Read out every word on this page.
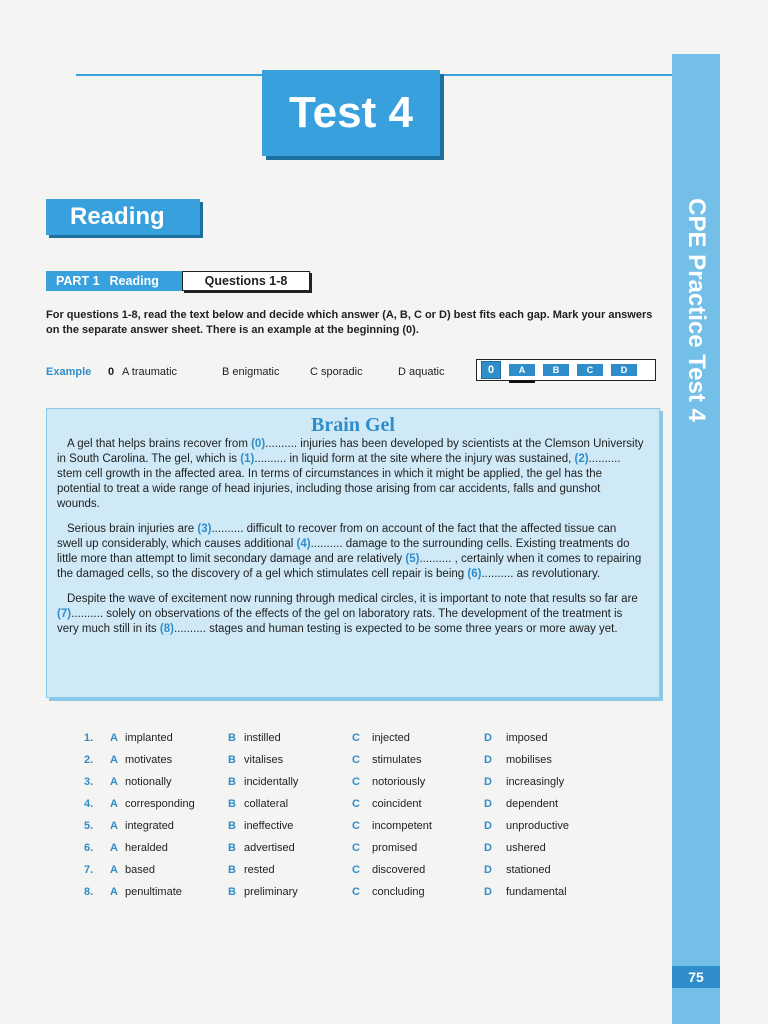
Test 4
CPE Practice Test 4
75
Reading
PART 1 Reading	Questions 1-8
For questions 1-8, read the text below and decide which answer (A, B, C or D) best fits each gap. Mark your answers on the separate answer sheet. There is an example at the beginning (0).
Example	0 A traumatic	B enigmatic	C sporadic	D aquatic	0	A	B	C	D
Brain Gel

A gel that helps brains recover from (0).......... injuries has been developed by scientists at the Clemson University in South Carolina. The gel, which is (1).......... in liquid form at the site where the injury was sustained, (2).......... stem cell growth in the affected area. In terms of circumstances in which it might be applied, the gel has the potential to treat a wide range of head injuries, including those arising from car accidents, falls and gunshot wounds.

Serious brain injuries are (3).......... difficult to recover from on account of the fact that the affected tissue can swell up considerably, which causes additional (4).......... damage to the surrounding cells. Existing treatments do little more than attempt to limit secondary damage and are relatively (5).......... , certainly when it comes to repairing the damaged cells, so the discovery of a gel which stimulates cell repair is being (6).......... as revolutionary.

Despite the wave of excitement now running through medical circles, it is important to note that results so far are (7).......... solely on observations of the effects of the gel on laboratory rats. The development of the treatment is very much still in its (8).......... stages and human testing is expected to be some three years or more away yet.

1. A implanted	B instilled	C injected	D imposed
2. A motivates	B vitalises	C stimulates	D mobilises
3. A notionally	B incidentally	C notoriously	D increasingly
4. A corresponding	B collateral	C coincident	D dependent
5. A integrated	B ineffective	C incompetent	D unproductive
6. A heralded	B advertised	C promised	D ushered
7. A based	B rested	C discovered	D stationed
8. A penultimate	B preliminary	C concluding	D fundamental
